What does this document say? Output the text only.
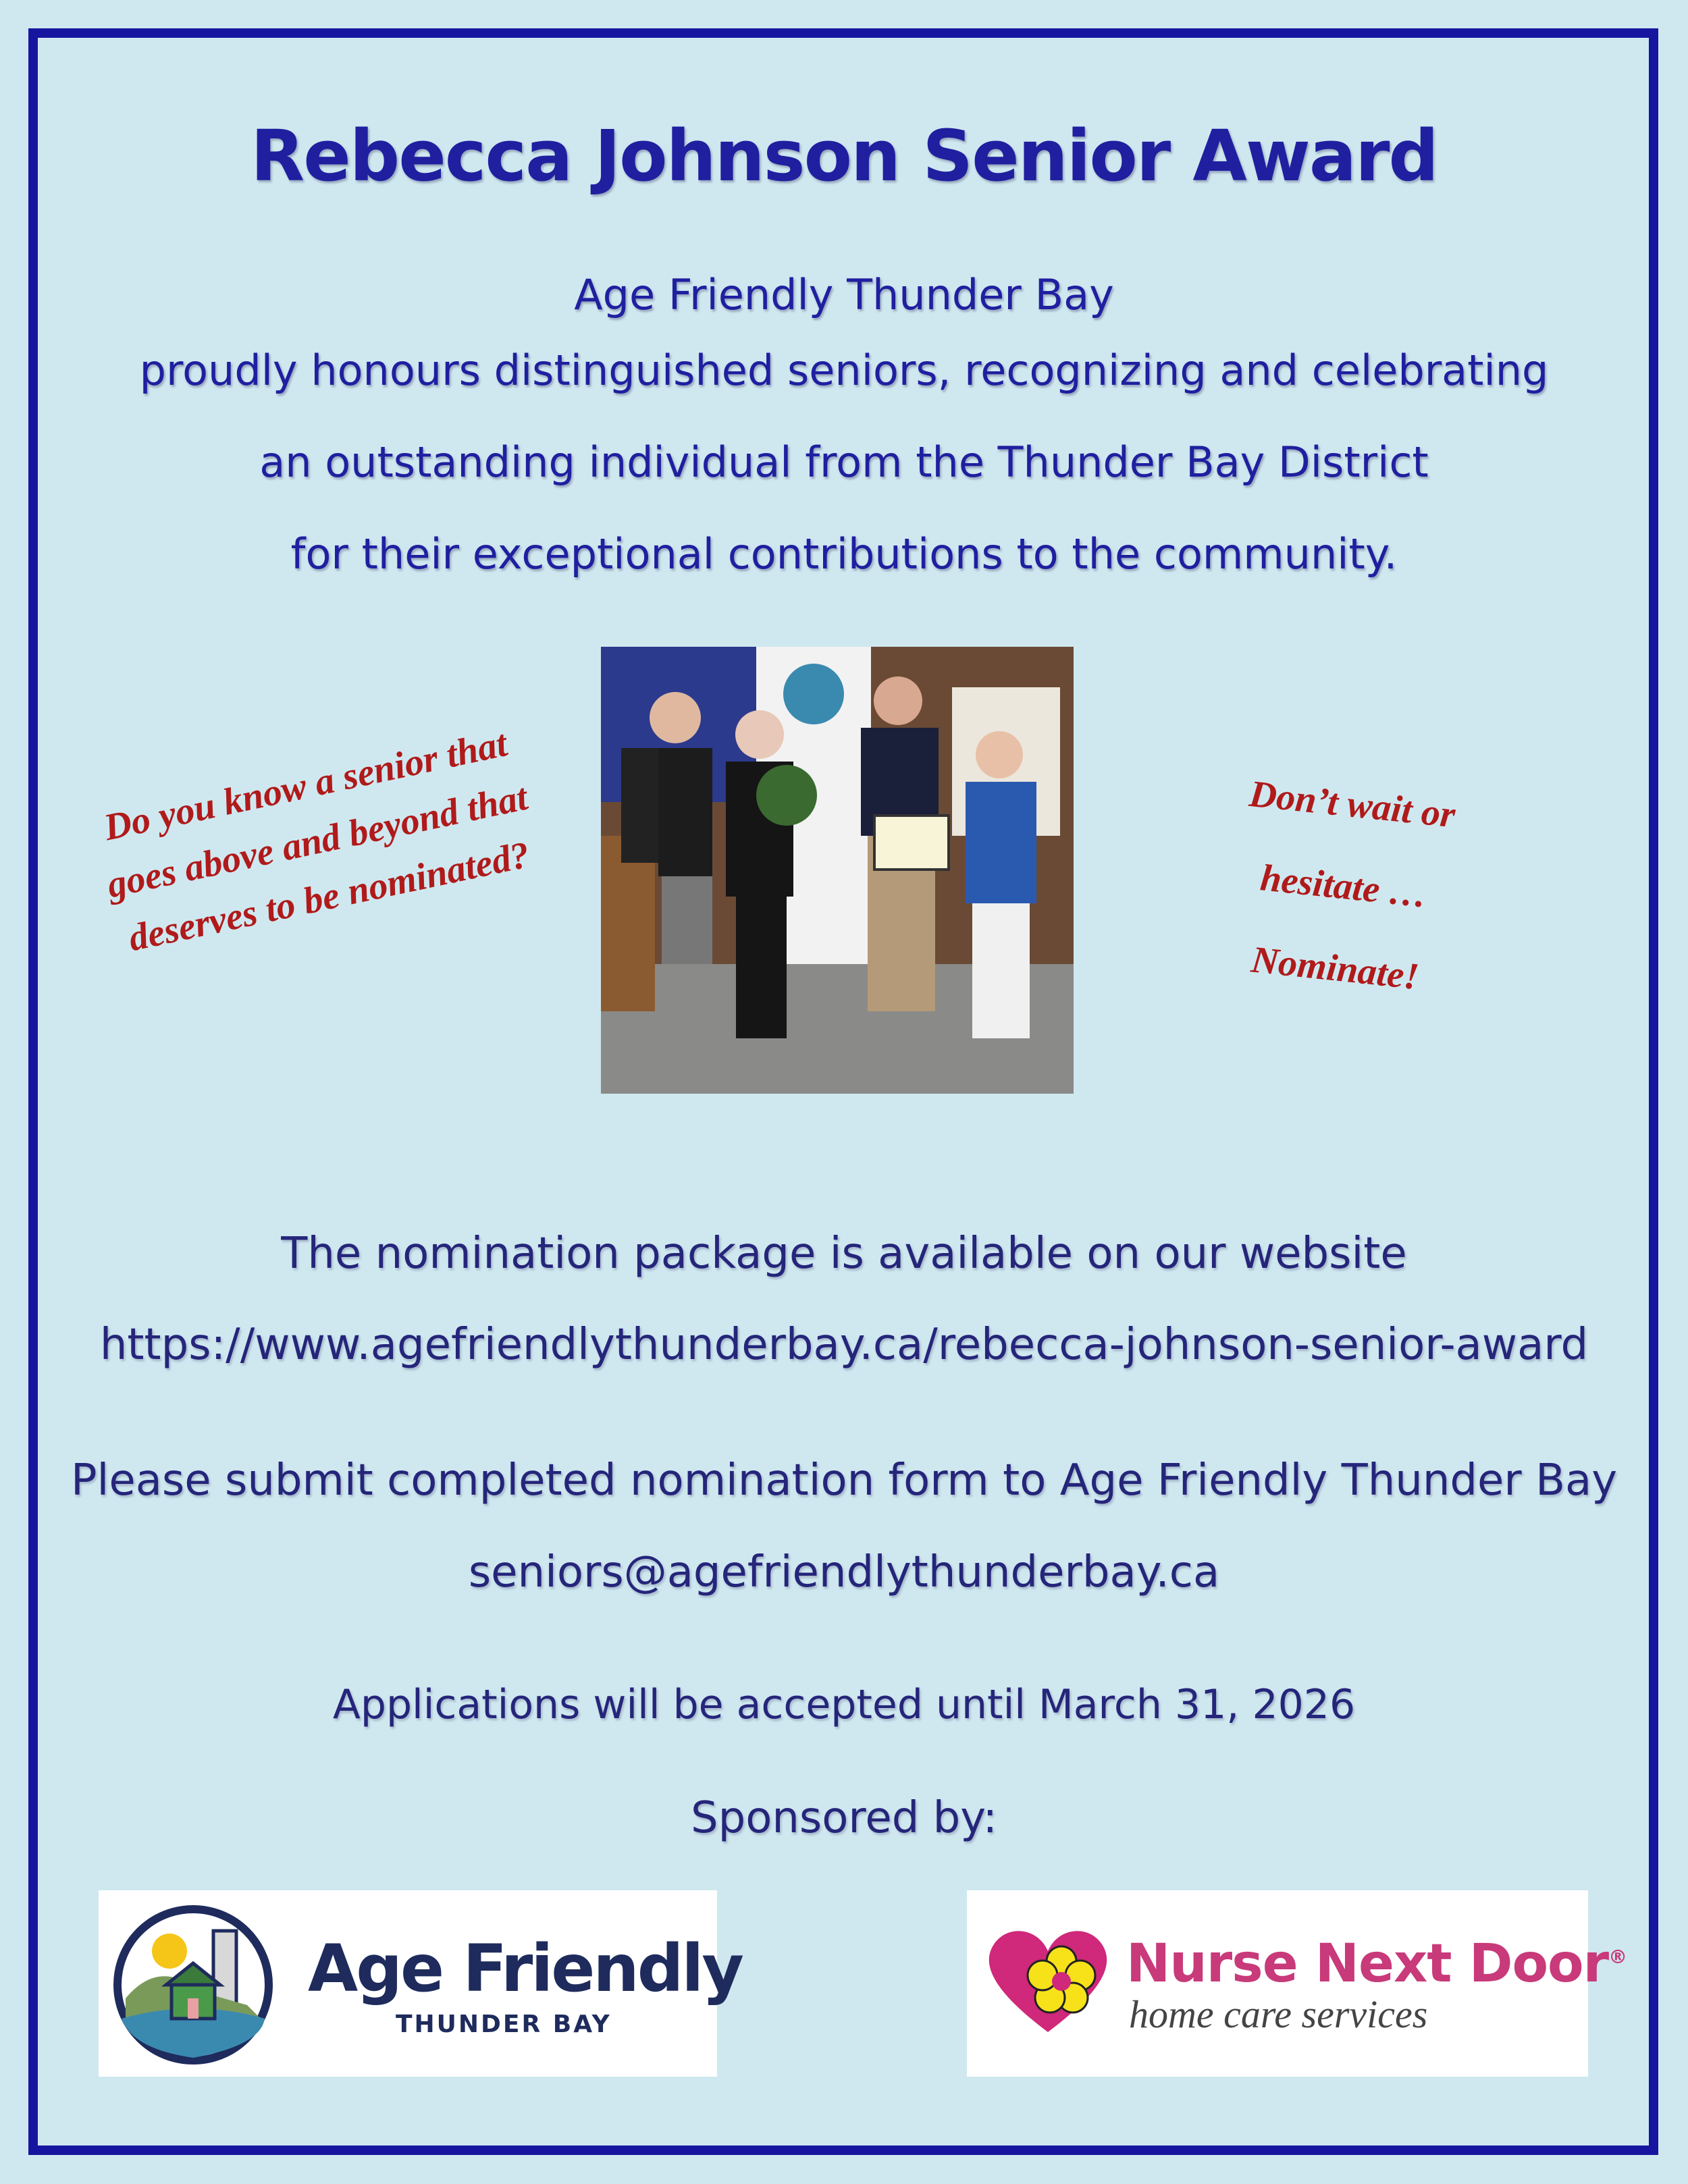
Rebecca Johnson Senior Award
Age Friendly Thunder Bay
proudly honours distinguished seniors, recognizing and celebrating
an outstanding individual from the Thunder Bay District
for their exceptional contributions to the community.
Do you know a senior that goes above and beyond that deserves to be nominated?
Don’t wait or
hesitate …
Nominate!
The nomination package is available on our website
https://www.agefriendlythunderbay.ca/rebecca-johnson-senior-award
Please submit completed nomination form to Age Friendly Thunder Bay
seniors@agefriendlythunderbay.ca
Applications will be accepted until March 31, 2026
Sponsored by:
Age Friendly
THUNDER BAY
Nurse Next Door®
home care services
